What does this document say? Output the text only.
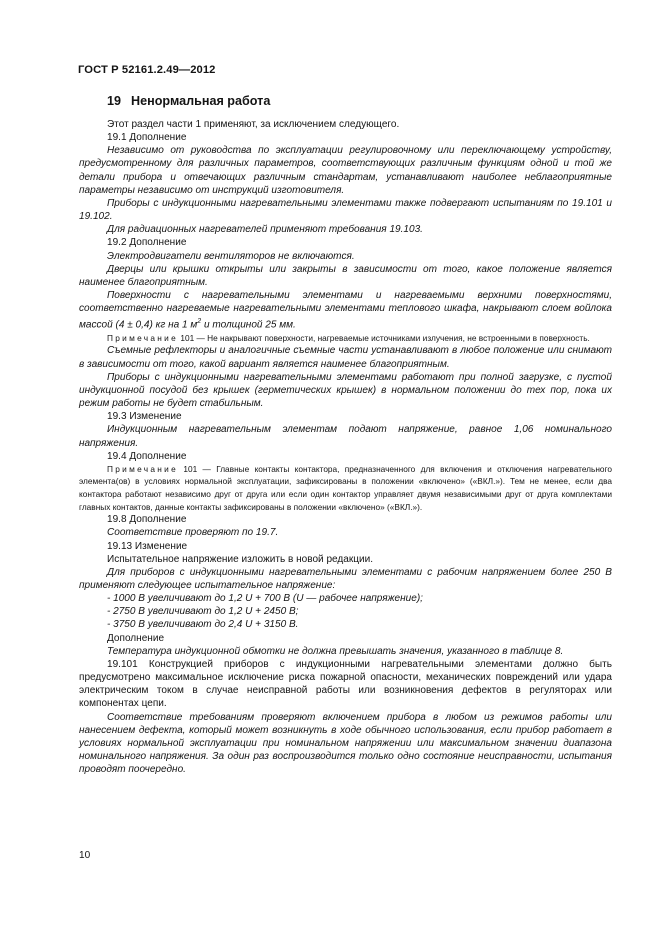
ГОСТ Р 52161.2.49—2012
19 Ненормальная работа

Этот раздел части 1 применяют, за исключением следующего.

19.1 Дополнение

Независимо от руководства по эксплуатации регулировочному или переключающему устройству, предусмотренному для различных параметров, соответствующих различным функциям одной и той же детали прибора и отвечающих различным стандартам, устанавливают наиболее неблагоприятные параметры независимо от инструкций изготовителя.

Приборы с индукционными нагревательными элементами также подвергают испытаниям по 19.101 и 19.102.

Для радиационных нагревателей применяют требования 19.103.

19.2 Дополнение

Электродвигатели вентиляторов не включаются.

Дверцы или крышки открыты или закрыты в зависимости от того, какое положение является наименее благоприятным.

Поверхности с нагревательными элементами и нагреваемыми верхними поверхностями, соответственно нагреваемые нагревательными элементами теплового шкафа, накрывают слоем войлока массой (4 ± 0,4) кг на 1 $м^2$ и толщиной 25 мм.

Примечание 101 — Не накрывают поверхности, нагреваемые источниками излучения, не встроенными в поверхность.

Съемные рефлекторы и аналогичные съемные части устанавливают в любое положение или снимают в зависимости от того, какой вариант является наименее благоприятным.

Приборы с индукционными нагревательными элементами работают при полной загрузке, с пустой индукционной посудой без крышек (герметических крышек) в нормальном положении до тех пор, пока их режим работы не будет стабильным.

19.3 Изменение

Индукционным нагревательным элементам подают напряжение, равное 1,06 номинального напряжения.

19.4 Дополнение

Примечание 101 — Главные контакты контактора, предназначенного для включения и отключения нагревательного элемента(ов) в условиях нормальной эксплуатации, зафиксированы в положении «включено» («ВКЛ.»). Тем не менее, если два контактора работают независимо друг от друга или если один контактор управляет двумя независимыми друг от друга комплектами главных контактов, данные контакты зафиксированы в положении «включено» («ВКЛ.»).

19.8 Дополнение

Соответствие проверяют по 19.7.

19.13 Изменение

Испытательное напряжение изложить в новой редакции.

Для приборов с индукционными нагревательными элементами с рабочим напряжением более 250 В применяют следующее испытательное напряжение:

- 1000 В увеличивают до 1,2 U + 700 В (U — рабочее напряжение);

- 2750 В увеличивают до 1,2 U + 2450 В;

- 3750 В увеличивают до 2,4 U + 3150 В.

Дополнение

Температура индукционной обмотки не должна превышать значения, указанного в таблице 8.

19.101 Конструкцией приборов с индукционными нагревательными элементами должно быть предусмотрено максимальное исключение риска пожарной опасности, механических повреждений или удара электрическим током в случае неисправной работы или возникновения дефектов в регуляторах или компонентах цепи.

Соответствие требованиям проверяют включением прибора в любом из режимов работы или нанесением дефекта, который может возникнуть в ходе обычного использования, если прибор работает в условиях нормальной эксплуатации при номинальном напряжении или максимальном значении диапазона номинального напряжения. За один раз воспроизводится только одно состояние неисправности, испытания проводят поочередно.

10
